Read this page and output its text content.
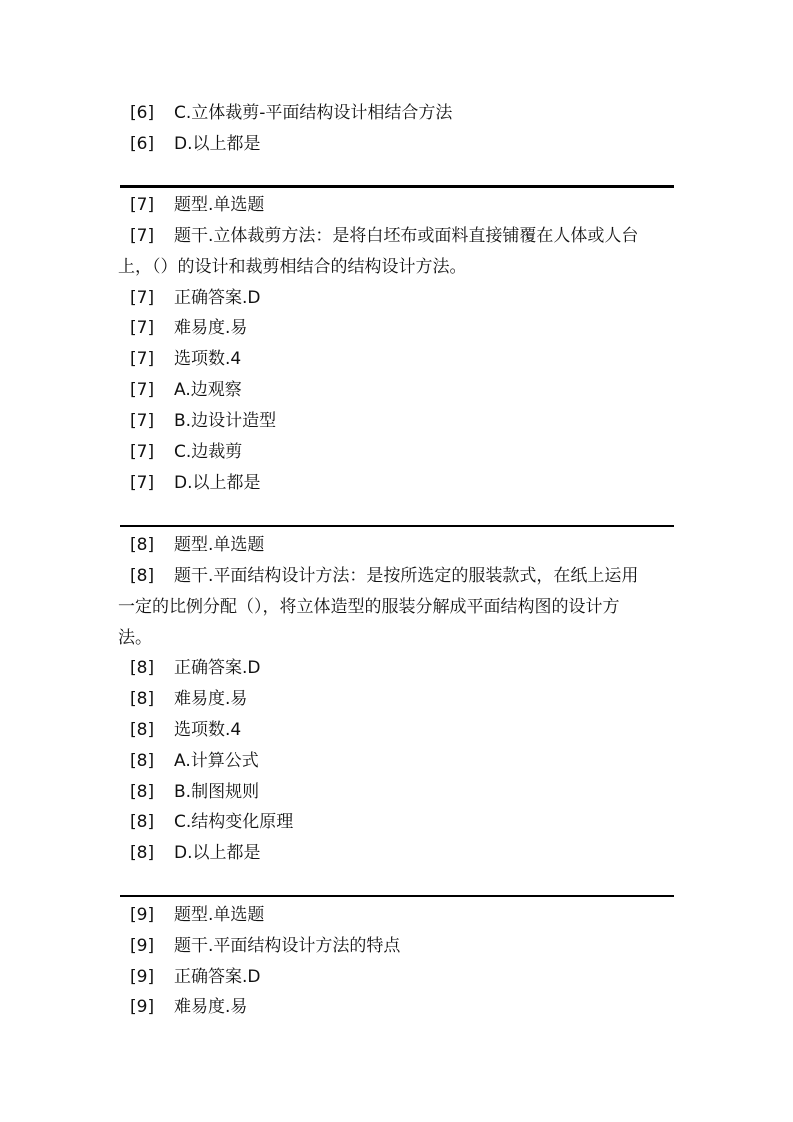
[6] C.立体裁剪-平面结构设计相结合方法
[6] D.以上都是
[7] 题型.单选题
[7] 题干.立体裁剪方法：是将白坯布或面料直接铺覆在人体或人台
上，（）的设计和裁剪相结合的结构设计方法。
[7] 正确答案.D
[7] 难易度.易
[7] 选项数.4
[7] A.边观察
[7] B.边设计造型
[7] C.边裁剪
[7] D.以上都是
[8] 题型.单选题
[8] 题干.平面结构设计方法：是按所选定的服装款式，在纸上运用
一定的比例分配（），将立体造型的服装分解成平面结构图的设计方
法。
[8] 正确答案.D
[8] 难易度.易
[8] 选项数.4
[8] A.计算公式
[8] B.制图规则
[8] C.结构变化原理
[8] D.以上都是
[9] 题型.单选题
[9] 题干.平面结构设计方法的特点
[9] 正确答案.D
[9] 难易度.易
